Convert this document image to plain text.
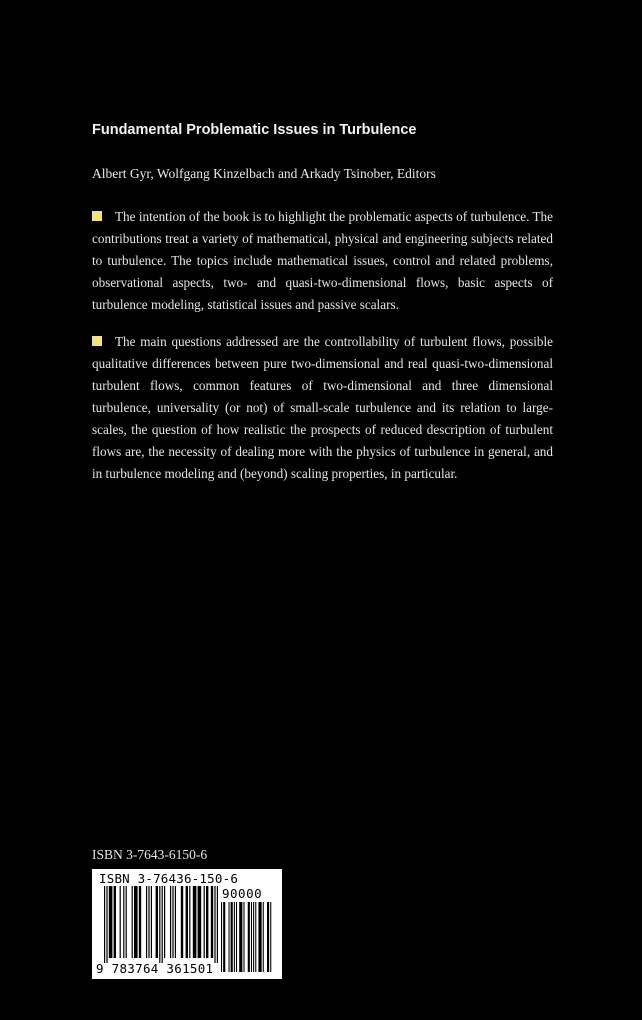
Fundamental Problematic Issues in Turbulence
Albert Gyr, Wolfgang Kinzelbach and Arkady Tsinober, Editors
The intention of the book is to highlight the problematic aspects of turbulence. The contributions treat a variety of mathematical, physical and engineering subjects related to turbulence. The topics include mathematical issues, control and related problems, observational aspects, two- and quasi-two-dimensional flows, basic aspects of turbulence modeling, statistical issues and passive scalars.
The main questions addressed are the controllability of turbulent flows, possible qualitative differences between pure two-dimensional and real quasi-two-dimensional turbulent flows, common features of two-dimensional and three dimensional turbulence, universality (or not) of small-scale turbulence and its relation to large-scales, the question of how realistic the prospects of reduced description of turbulent flows are, the necessity of dealing more with the physics of turbulence in general, and in turbulence modeling and (beyond) scaling properties, in particular.
ISBN 3-7643-6150-6
ISBN 3-76436-150-6
90000
9 783764 361501
